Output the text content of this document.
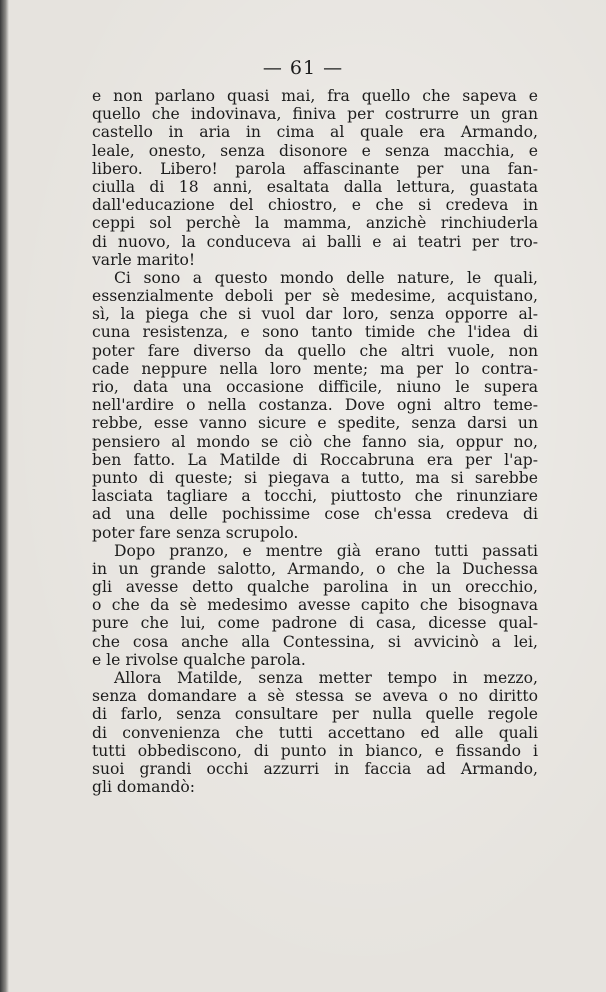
— 61 —
e non parlano quasi mai, fra quello che sapeva e
quello che indovinava, finiva per costrurre un gran
castello in aria in cima al quale era Armando,
leale, onesto, senza disonore e senza macchia, e
libero. Libero! parola affascinante per una fan-
ciulla di 18 anni, esaltata dalla lettura, guastata
dall'educazione del chiostro, e che si credeva in
ceppi sol perchè la mamma, anzichè rinchiuderla
di nuovo, la conduceva ai balli e ai teatri per tro-
varle marito!
Ci sono a questo mondo delle nature, le quali,
essenzialmente deboli per sè medesime, acquistano,
sì, la piega che si vuol dar loro, senza opporre al-
cuna resistenza, e sono tanto timide che l'idea di
poter fare diverso da quello che altri vuole, non
cade neppure nella loro mente; ma per lo contra-
rio, data una occasione difficile, niuno le supera
nell'ardire o nella costanza. Dove ogni altro teme-
rebbe, esse vanno sicure e spedite, senza darsi un
pensiero al mondo se ciò che fanno sia, oppur no,
ben fatto. La Matilde di Roccabruna era per l'ap-
punto di queste; si piegava a tutto, ma si sarebbe
lasciata tagliare a tocchi, piuttosto che rinunziare
ad una delle pochissime cose ch'essa credeva di
poter fare senza scrupolo.
Dopo pranzo, e mentre già erano tutti passati
in un grande salotto, Armando, o che la Duchessa
gli avesse detto qualche parolina in un orecchio,
o che da sè medesimo avesse capito che bisognava
pure che lui, come padrone di casa, dicesse qual-
che cosa anche alla Contessina, si avvicinò a lei,
e le rivolse qualche parola.
Allora Matilde, senza metter tempo in mezzo,
senza domandare a sè stessa se aveva o no diritto
di farlo, senza consultare per nulla quelle regole
di convenienza che tutti accettano ed alle quali
tutti obbediscono, di punto in bianco, e fissando i
suoi grandi occhi azzurri in faccia ad Armando,
gli domandò:
